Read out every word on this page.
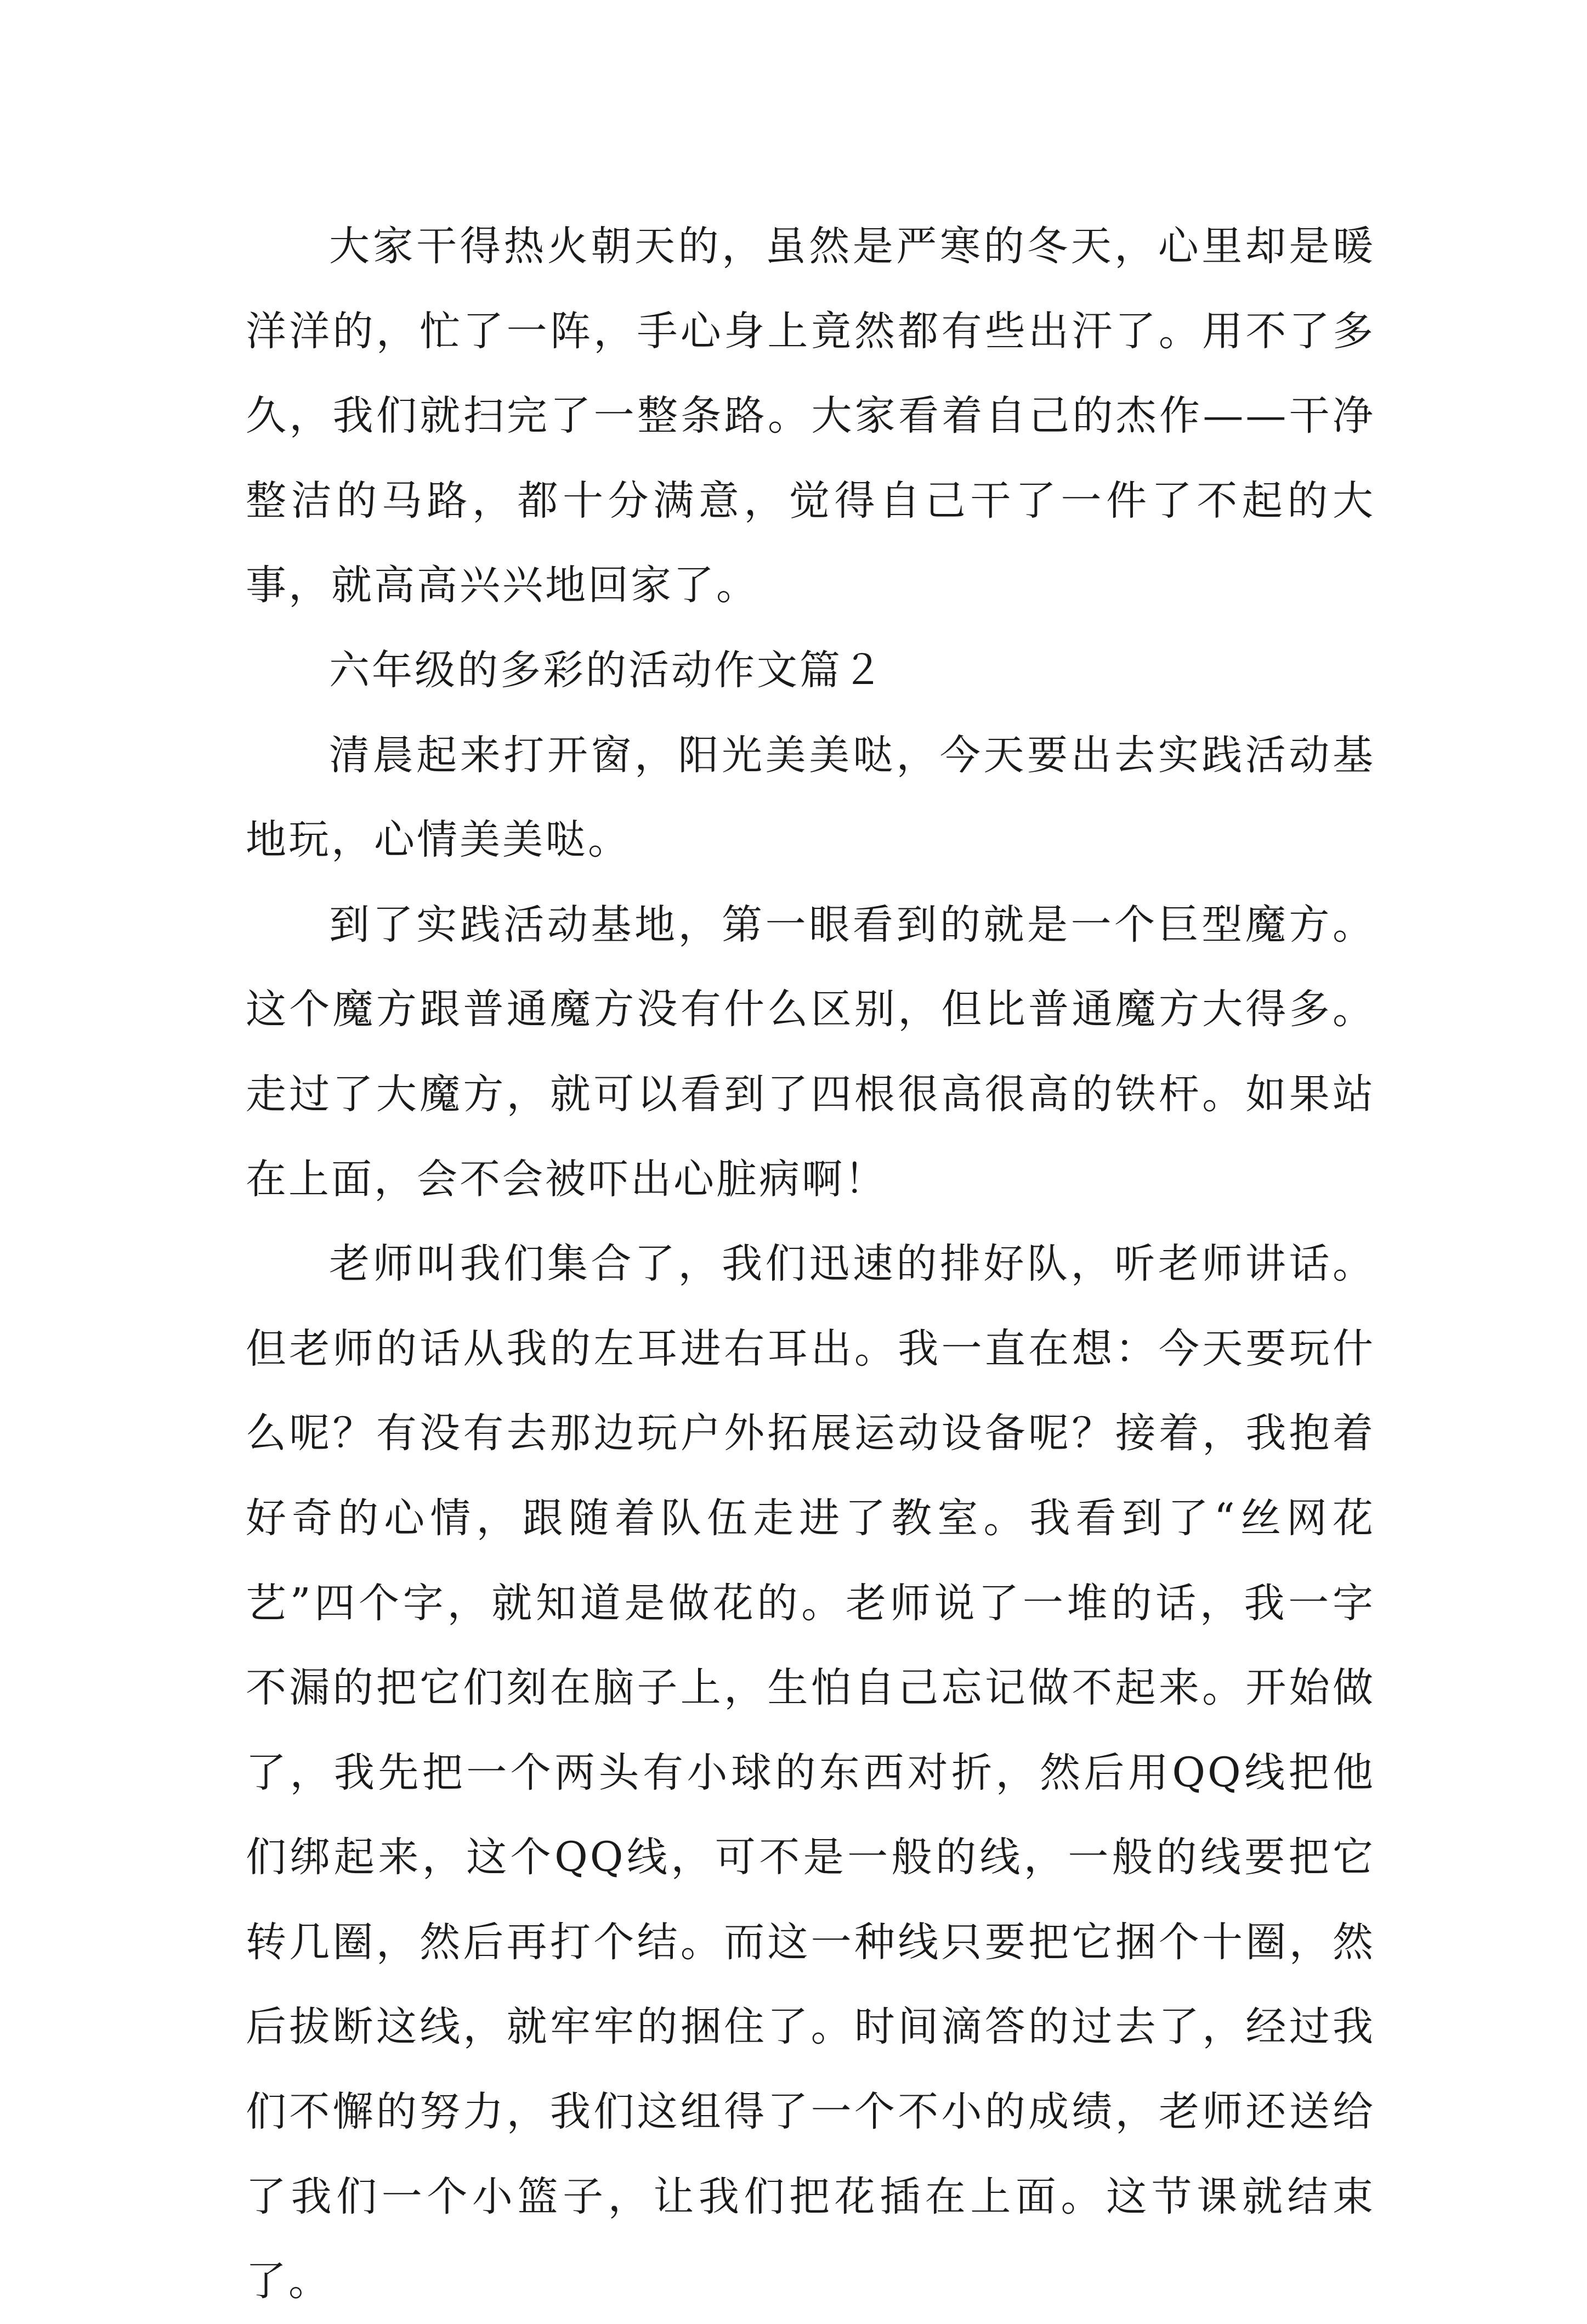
大家干得热火朝天的，虽然是严寒的冬天，心里却是暖洋洋的，忙了一阵，手心身上竟然都有些出汗了。用不了多久，我们就扫完了一整条路。大家看着自己的杰作——干净整洁的马路，都十分满意，觉得自己干了一件了不起的大事，就高高兴兴地回家了。

六年级的多彩的活动作文篇２

清晨起来打开窗，阳光美美哒，今天要出去实践活动基地玩，心情美美哒。

到了实践活动基地，第一眼看到的就是一个巨型魔方。这个魔方跟普通魔方没有什么区别，但比普通魔方大得多。走过了大魔方，就可以看到了四根很高很高的铁杆。如果站在上面，会不会被吓出心脏病啊！

老师叫我们集合了，我们迅速的排好队，听老师讲话。但老师的话从我的左耳进右耳出。我一直在想：今天要玩什么呢？有没有去那边玩户外拓展运动设备呢？接着，我抱着好奇的心情，跟随着队伍走进了教室。我看到了“丝网花艺”四个字，就知道是做花的。老师说了一堆的话，我一字不漏的把它们刻在脑子上，生怕自己忘记做不起来。开始做了，我先把一个两头有小球的东西对折，然后用QQ线把他们绑起来，这个QQ线，可不是一般的线，一般的线要把它转几圈，然后再打个结。而这一种线只要把它捆个十圈，然后拔断这线，就牢牢的捆住了。时间滴答的过去了，经过我们不懈的努力，我们这组得了一个不小的成绩，老师还送给了我们一个小篮子，让我们把花插在上面。这节课就结束了。
